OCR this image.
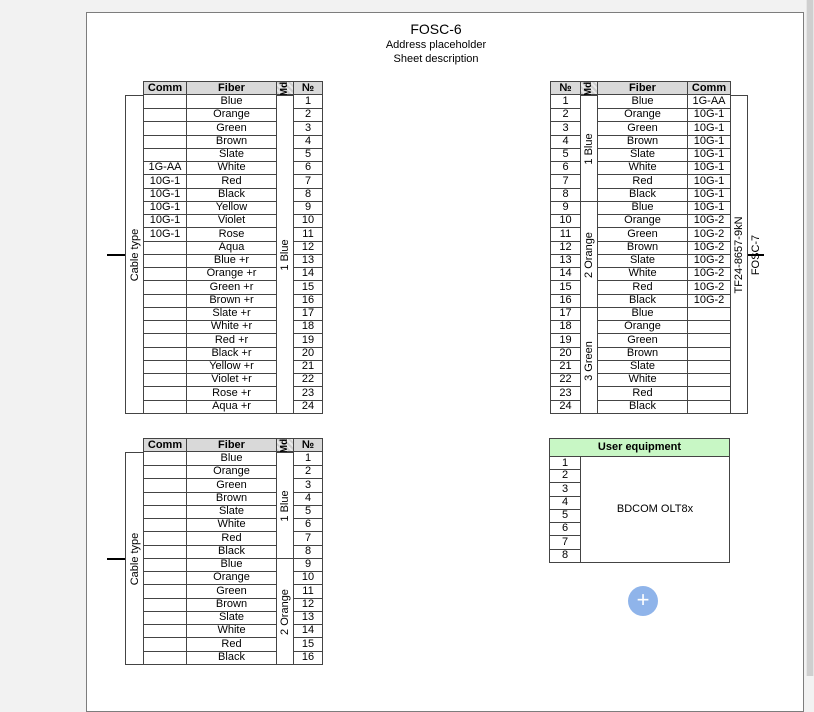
FOSC-6
Address placeholder
Sheet description
Comm	Fiber	Md	№
Blue	1
Orange	2
Green	3
Brown	4
Slate	5
1G-AA	White	6
10G-1	Red	7
10G-1	Black	8
10G-1	Yellow	9
10G-1	Violet	10
10G-1	Rose	11
Aqua	12
Blue +r	13
Orange +r	14
Green +r	15
Brown +r	16
Slate +r	17
White +r	18
Red +r	19
Black +r	20
Yellow +r	21
Violet +r	22
Rose +r	23
Aqua +r	24
Cable type	1 Blue
№	Md	Fiber	Comm
1	Blue	1G-AA
2	Orange	10G-1
3	Green	10G-1
4	Brown	10G-1
5	Slate	10G-1
6	White	10G-1
7	Red	10G-1
8	Black	10G-1
9	Blue	10G-1
10	Orange	10G-2
11	Green	10G-2
12	Brown	10G-2
13	Slate	10G-2
14	White	10G-2
15	Red	10G-2
16	Black	10G-2
17	Blue
18	Orange
19	Green
20	Brown
21	Slate
22	White
23	Red
24	Black
1 Blue
2 Orange
3 Green
TF24-8657-9kN FOSC-7
Comm	Fiber	Md	№
Blue	1
Orange	2
Green	3
Brown	4
Slate	5
White	6
Red	7
Black	8
Blue	9
Orange	10
Green	11
Brown	12
Slate	13
White	14
Red	15
Black	16
Cable type
1 Blue
2 Orange
User equipment
BDCOM OLT8x
1
2
3
4
5
6
7
8
+
